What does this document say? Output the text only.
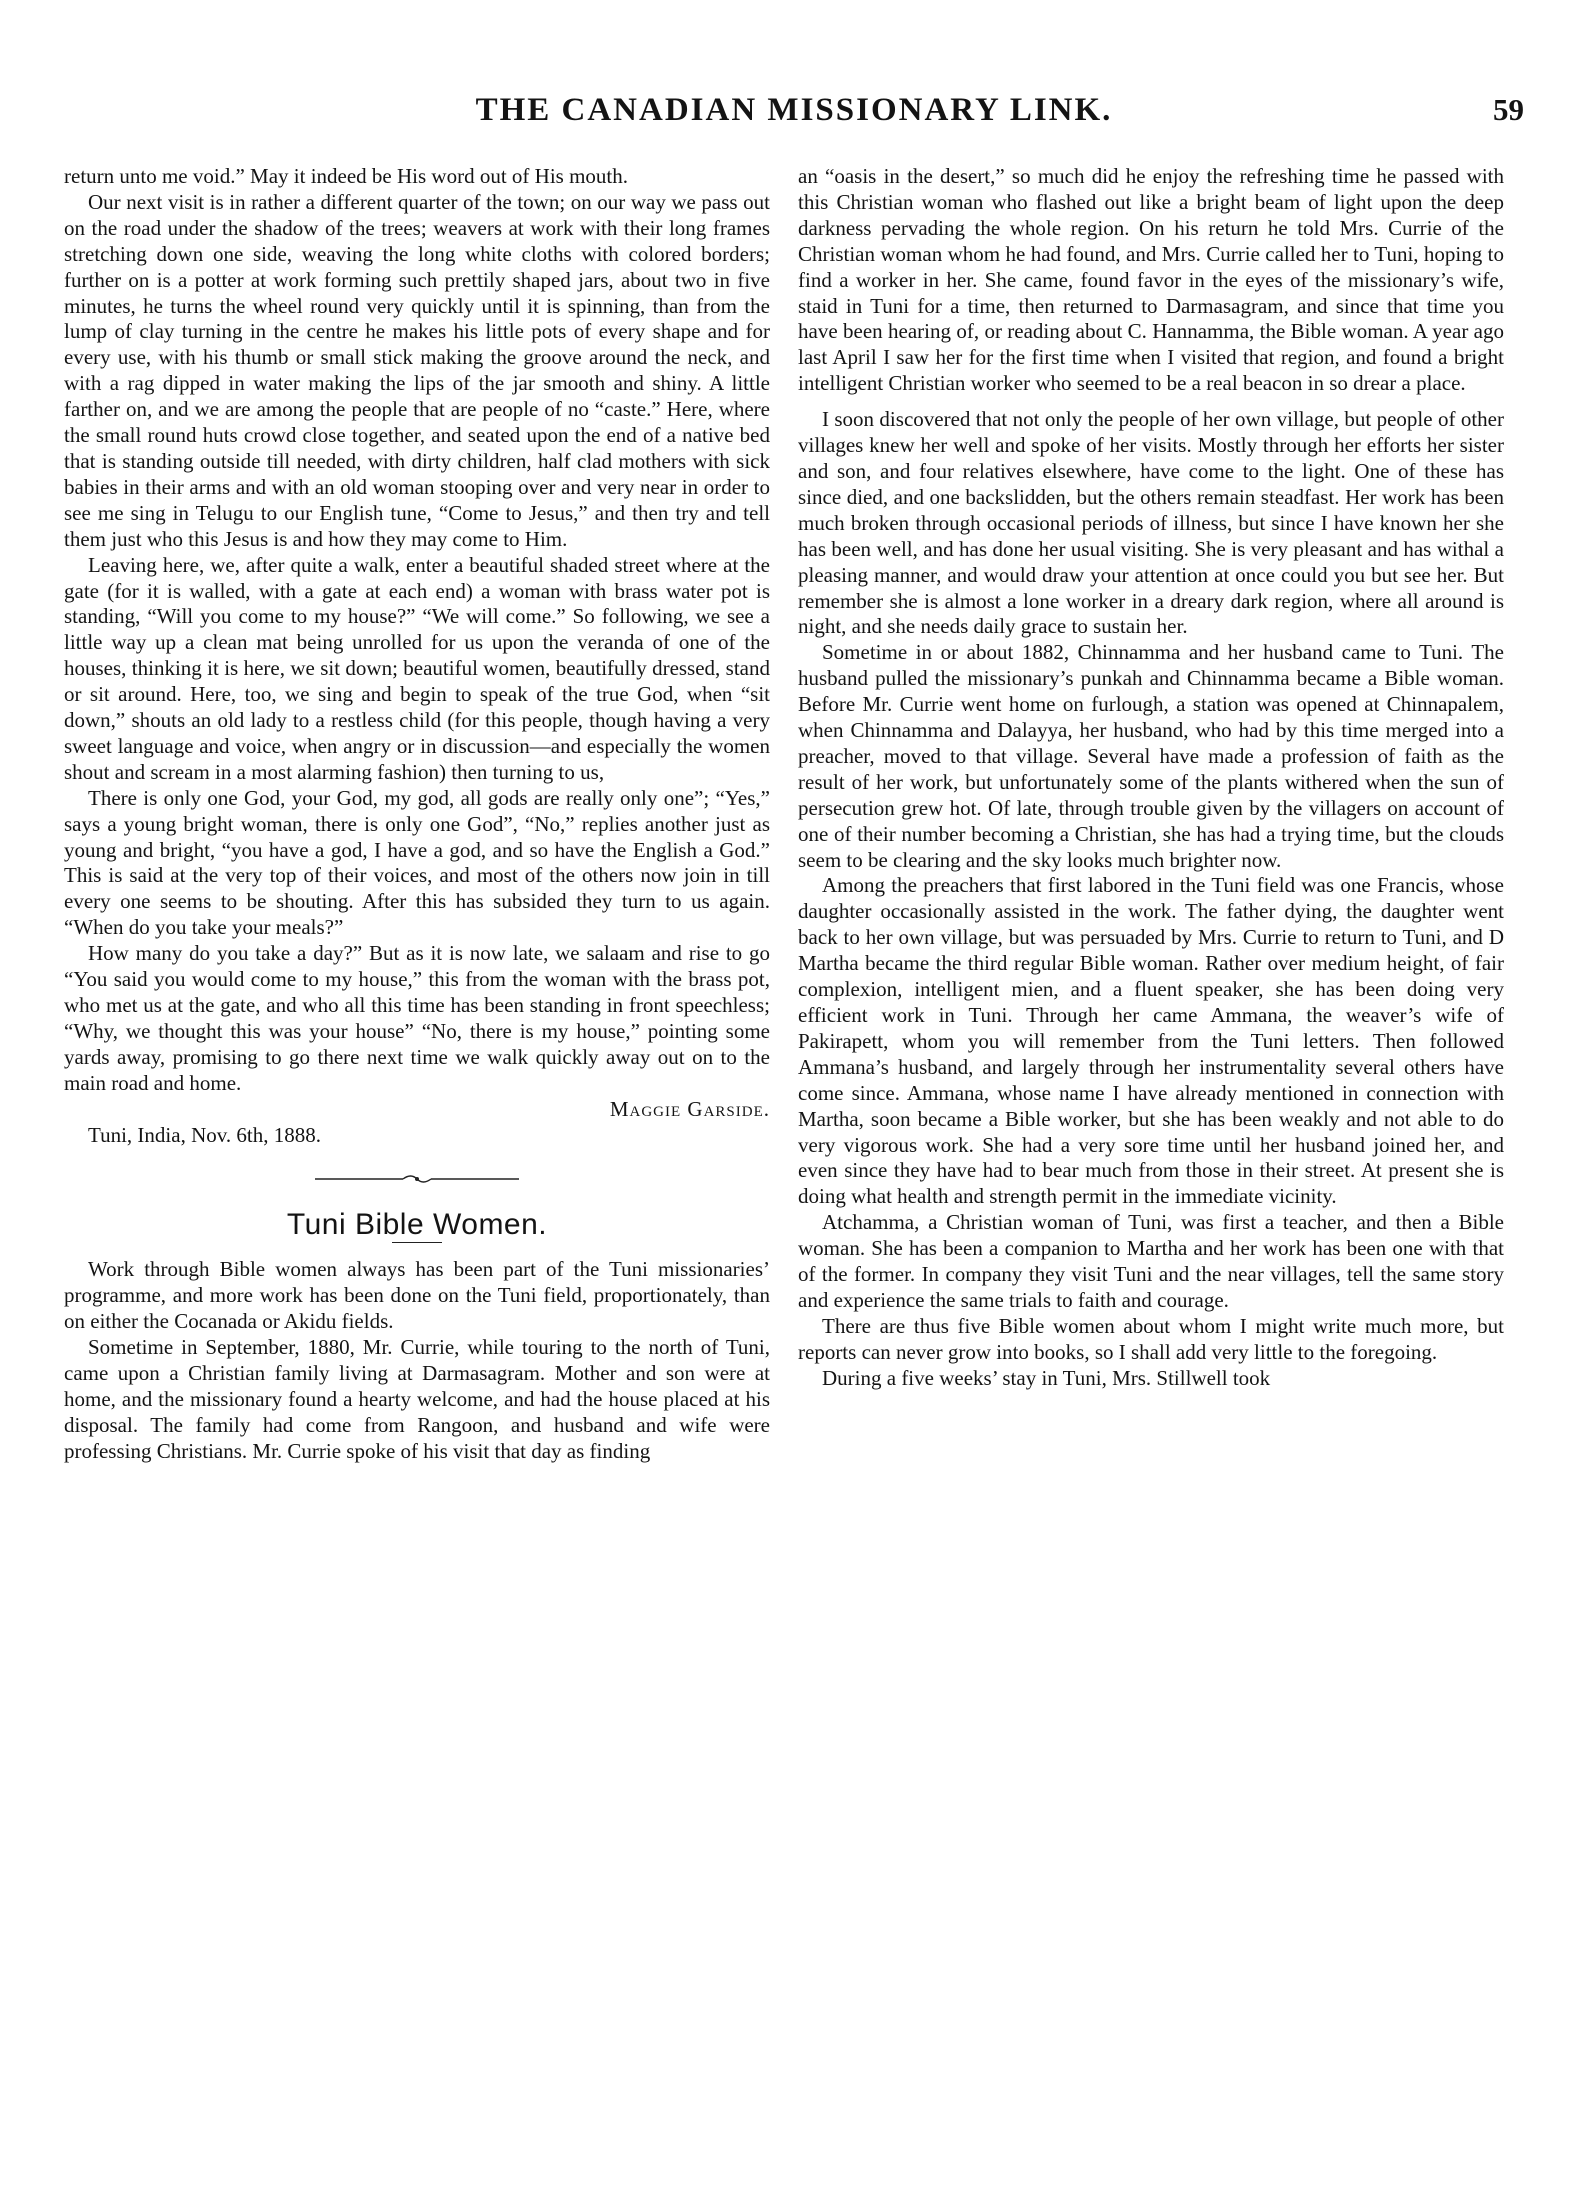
THE CANADIAN MISSIONARY LINK.	59

return unto me void.” May it indeed be His word out of His mouth.

Our next visit is in rather a different quarter of the town; on our way we pass out on the road under the shadow of the trees; weavers at work with their long frames stretching down one side, weaving the long white cloths with colored borders; further on is a potter at work forming such prettily shaped jars, about two in five minutes, he turns the wheel round very quickly until it is spinning, than from the lump of clay turning in the centre he makes his little pots of every shape and for every use, with his thumb or small stick making the groove around the neck, and with a rag dipped in water making the lips of the jar smooth and shiny. A little farther on, and we are among the people that are people of no “caste.” Here, where the small round huts crowd close together, and seated upon the end of a native bed that is standing outside till needed, with dirty children, half clad mothers with sick babies in their arms and with an old woman stooping over and very near in order to see me sing in Telugu to our English tune, “Come to Jesus,” and then try and tell them just who this Jesus is and how they may come to Him.

Leaving here, we, after quite a walk, enter a beautiful shaded street where at the gate (for it is walled, with a gate at each end) a woman with brass water pot is standing, “Will you come to my house?” “We will come.” So following, we see a little way up a clean mat being unrolled for us upon the veranda of one of the houses, thinking it is here, we sit down; beautiful women, beautifully dressed, stand or sit around. Here, too, we sing and begin to speak of the true God, when “sit down,” shouts an old lady to a restless child (for this people, though having a very sweet language and voice, when angry or in discussion—and especially the women shout and scream in a most alarming fashion) then turning to us,

There is only one God, your God, my god, all gods are really only one”; “Yes,” says a young bright woman, there is only one God”, “No,” replies another just as young and bright, “you have a god, I have a god, and so have the English a God.” This is said at the very top of their voices, and most of the others now join in till every one seems to be shouting. After this has subsided they turn to us again. “When do you take your meals?”

How many do you take a day?” But as it is now late, we salaam and rise to go “You said you would come to my house,” this from the woman with the brass pot, who met us at the gate, and who all this time has been standing in front speechless; “Why, we thought this was your house” “No, there is my house,” pointing some yards away, promising to go there next time we walk quickly away out on to the main road and home.

Maggie Garside.

Tuni, India, Nov. 6th, 1888.

Tuni Bible Women.

Work through Bible women always has been part of the Tuni missionaries’ programme, and more work has been done on the Tuni field, proportionately, than on either the Cocanada or Akidu fields.

Sometime in September, 1880, Mr. Currie, while touring to the north of Tuni, came upon a Christian family living at Darmasagram. Mother and son were at home, and the missionary found a hearty welcome, and had the house placed at his disposal. The family had come from Rangoon, and husband and wife were professing Christians. Mr. Currie spoke of his visit that day as finding

an “oasis in the desert,” so much did he enjoy the refreshing time he passed with this Christian woman who flashed out like a bright beam of light upon the deep darkness pervading the whole region. On his return he told Mrs. Currie of the Christian woman whom he had found, and Mrs. Currie called her to Tuni, hoping to find a worker in her. She came, found favor in the eyes of the missionary’s wife, staid in Tuni for a time, then returned to Darmasagram, and since that time you have been hearing of, or reading about C. Hannamma, the Bible woman. A year ago last April I saw her for the first time when I visited that region, and found a bright intelligent Christian worker who seemed to be a real beacon in so drear a place.

I soon discovered that not only the people of her own village, but people of other villages knew her well and spoke of her visits. Mostly through her efforts her sister and son, and four relatives elsewhere, have come to the light. One of these has since died, and one backslidden, but the others remain steadfast. Her work has been much broken through occasional periods of illness, but since I have known her she has been well, and has done her usual visiting. She is very pleasant and has withal a pleasing manner, and would draw your attention at once could you but see her. But remember she is almost a lone worker in a dreary dark region, where all around is night, and she needs daily grace to sustain her.

Sometime in or about 1882, Chinnamma and her husband came to Tuni. The husband pulled the missionary’s punkah and Chinnamma became a Bible woman. Before Mr. Currie went home on furlough, a station was opened at Chinnapalem, when Chinnamma and Dalayya, her husband, who had by this time merged into a preacher, moved to that village. Several have made a profession of faith as the result of her work, but unfortunately some of the plants withered when the sun of persecution grew hot. Of late, through trouble given by the villagers on account of one of their number becoming a Christian, she has had a trying time, but the clouds seem to be clearing and the sky looks much brighter now.

Among the preachers that first labored in the Tuni field was one Francis, whose daughter occasionally assisted in the work. The father dying, the daughter went back to her own village, but was persuaded by Mrs. Currie to return to Tuni, and D Martha became the third regular Bible woman. Rather over medium height, of fair complexion, intelligent mien, and a fluent speaker, she has been doing very efficient work in Tuni. Through her came Ammana, the weaver’s wife of Pakirapett, whom you will remember from the Tuni letters. Then followed Ammana’s husband, and largely through her instrumentality several others have come since. Ammana, whose name I have already mentioned in connection with Martha, soon became a Bible worker, but she has been weakly and not able to do very vigorous work. She had a very sore time until her husband joined her, and even since they have had to bear much from those in their street. At present she is doing what health and strength permit in the immediate vicinity.

Atchamma, a Christian woman of Tuni, was first a teacher, and then a Bible woman. She has been a companion to Martha and her work has been one with that of the former. In company they visit Tuni and the near villages, tell the same story and experience the same trials to faith and courage.

There are thus five Bible women about whom I might write much more, but reports can never grow into books, so I shall add very little to the foregoing.

During a five weeks’ stay in Tuni, Mrs. Stillwell took
